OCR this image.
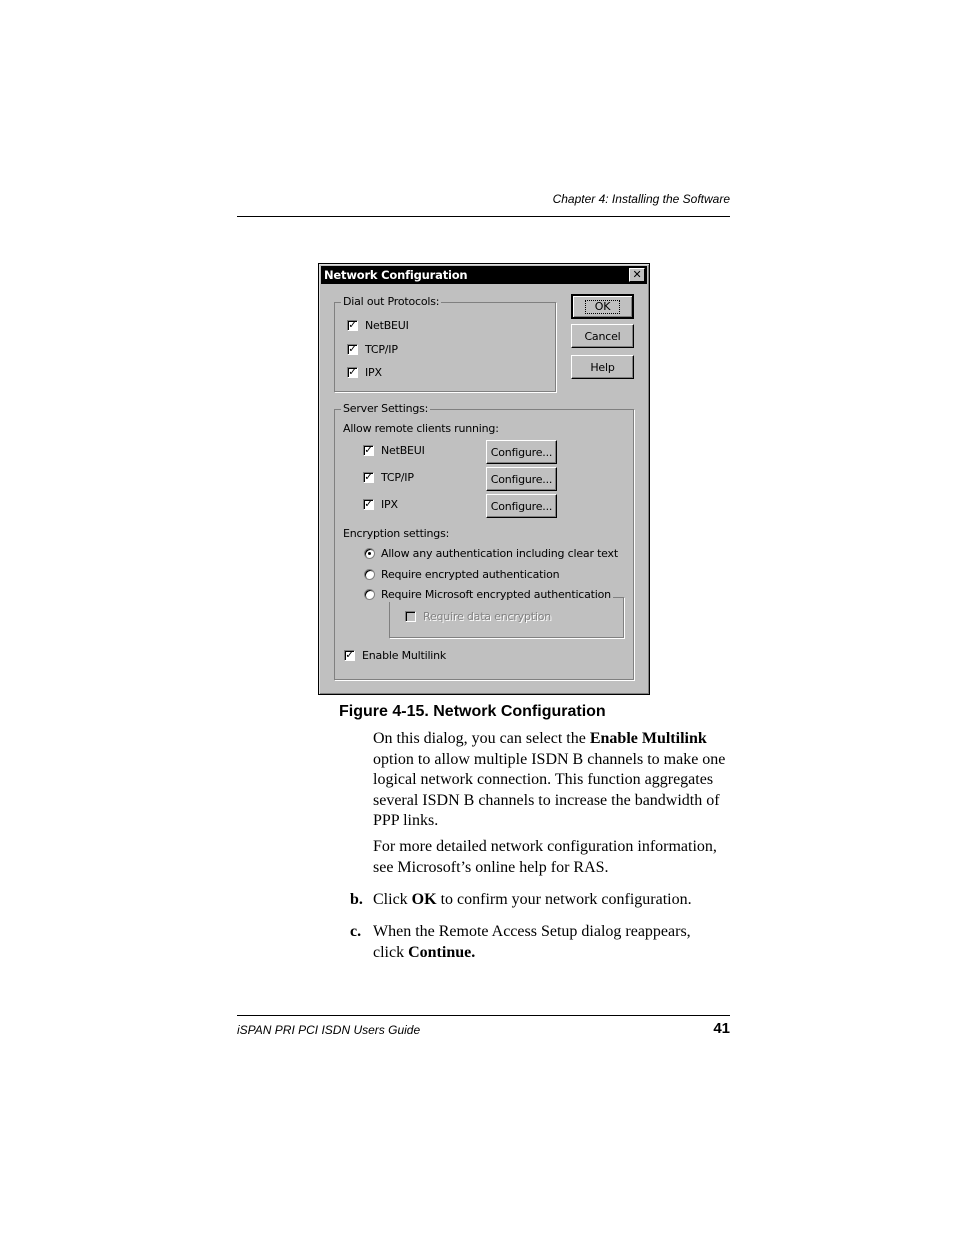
Chapter 4: Installing the Software
Network Configuration	✕
Dial out Protocols:
✓ NetBEUI
✓ TCP/IP
✓ IPX
OK
Cancel
Help
Server Settings:
Allow remote clients running:
✓ NetBEUI	Configure...
✓ TCP/IP	Configure...
✓ IPX	Configure...
Encryption settings:
Allow any authentication including clear text
Require encrypted authentication
Require Microsoft encrypted authentication
Require data encryption
✓ Enable Multilink
Figure 4-15. Network Configuration
On this dialog, you can select the Enable Multilink option to allow multiple ISDN B channels to make one logical network connection. This function aggregates several ISDN B channels to increase the bandwidth of PPP links.
For more detailed network configuration information, see Microsoft’s online help for RAS.
b. Click OK to confirm your network configuration.
c. When the Remote Access Setup dialog reappears, click Continue.
iSPAN PRI PCI ISDN Users Guide	41
